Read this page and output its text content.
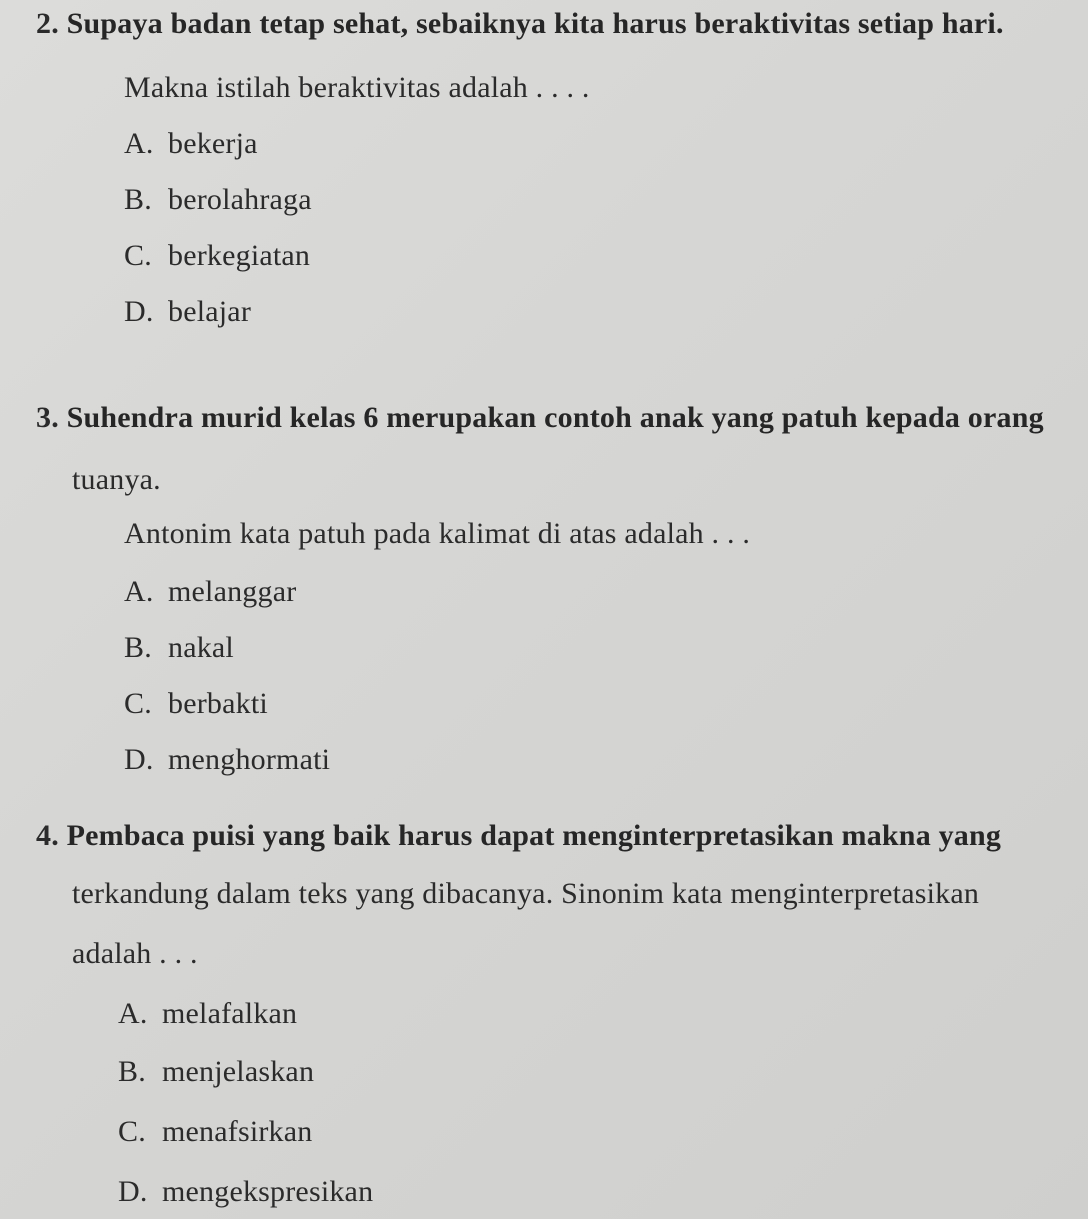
2. Supaya badan tetap sehat, sebaiknya kita harus beraktivitas setiap hari.
Makna istilah beraktivitas adalah . . . .
A. bekerja
B. berolahraga
C. berkegiatan
D. belajar
3. Suhendra murid kelas 6 merupakan contoh anak yang patuh kepada orang
tuanya.
Antonim kata patuh pada kalimat di atas adalah . . .
A. melanggar
B. nakal
C. berbakti
D. menghormati
4. Pembaca puisi yang baik harus dapat menginterpretasikan makna yang
terkandung dalam teks yang dibacanya. Sinonim kata menginterpretasikan
adalah . . .
A. melafalkan
B. menjelaskan
C. menafsirkan
D. mengekspresikan
